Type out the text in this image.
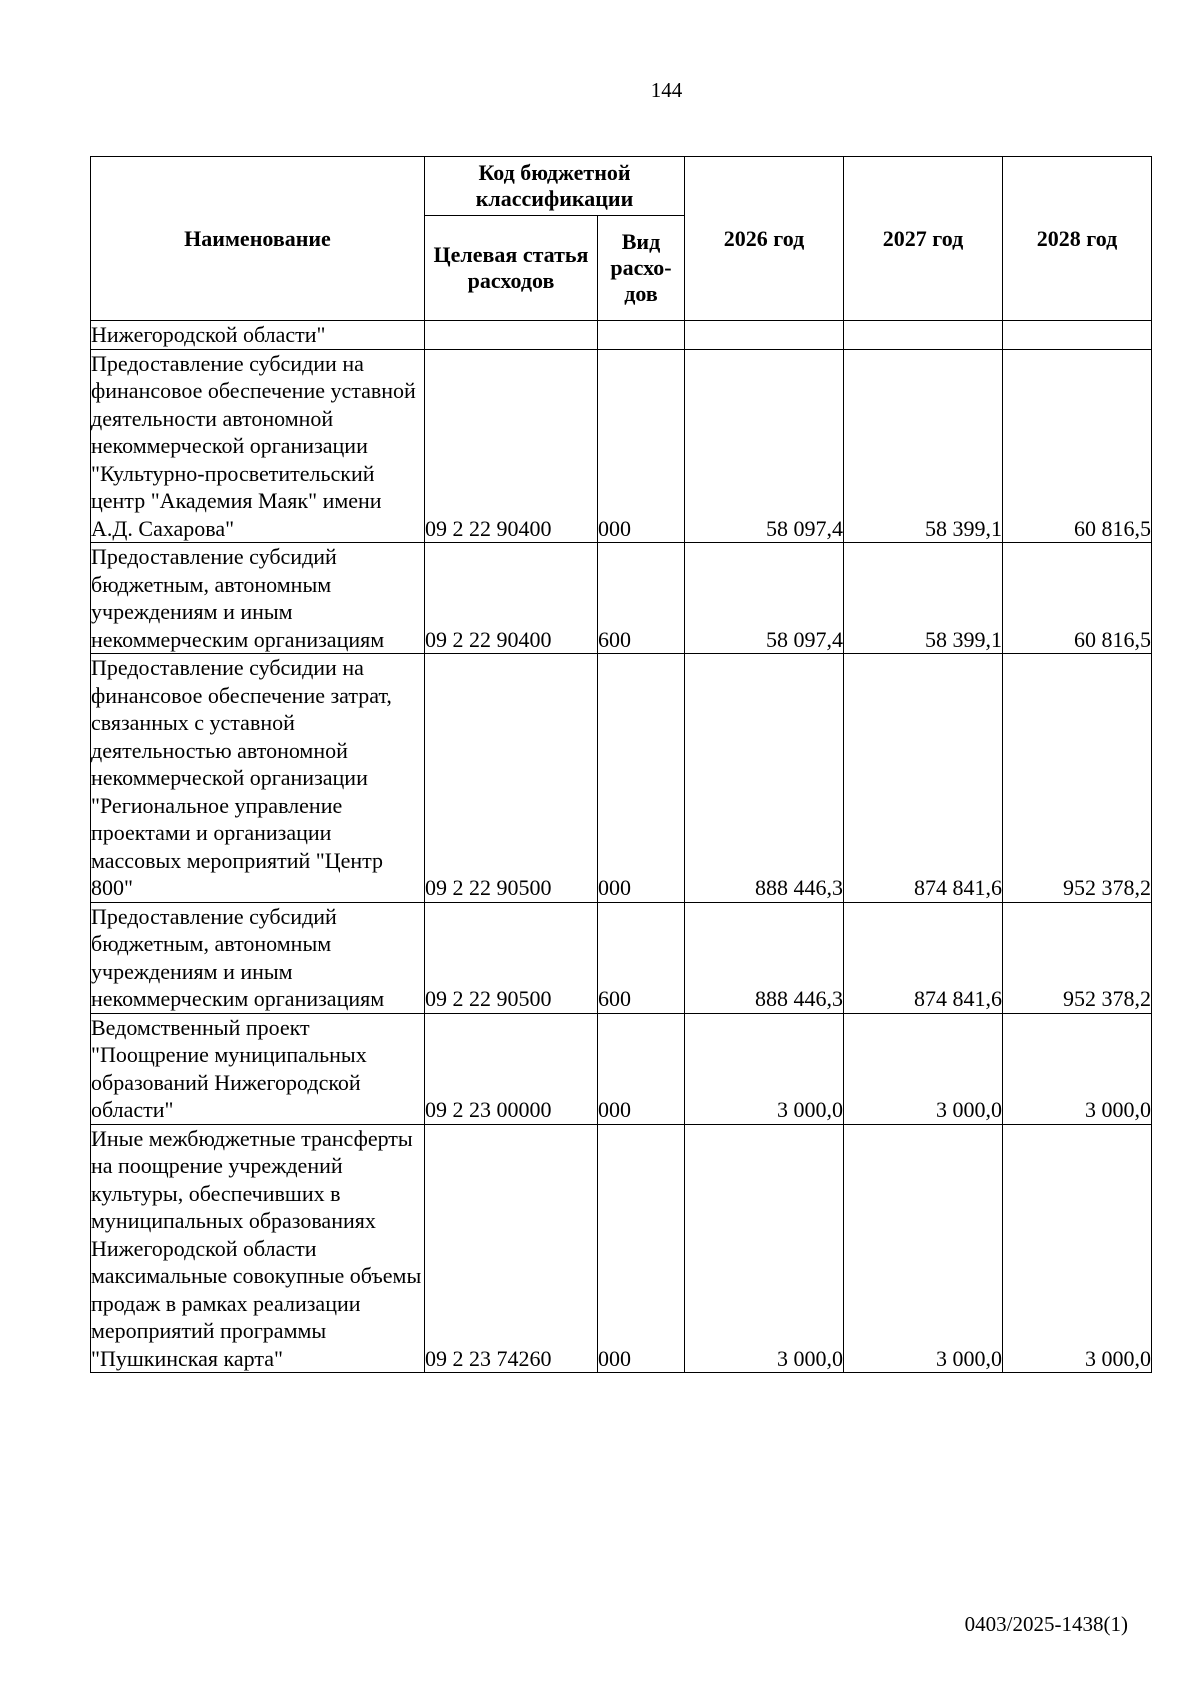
144
Наименование	Код бюджетной классификации		2026 год	2027 год	2028 год
	Целевая статья расходов	Вид расхо-дов			
Нижегородской области"					
Предоставление субсидии на финансовое обеспечение уставной деятельности автономной некоммерческой организации "Культурно-просветительский центр "Академия Маяк" имени А.Д. Сахарова"	09 2 22 90400	000	58 097,4	58 399,1	60 816,5
Предоставление субсидий бюджетным, автономным учреждениям и иным некоммерческим организациям	09 2 22 90400	600	58 097,4	58 399,1	60 816,5
Предоставление субсидии на финансовое обеспечение затрат, связанных с уставной деятельностью автономной некоммерческой организации "Региональное управление проектами и организации массовых мероприятий "Центр 800"	09 2 22 90500	000	888 446,3	874 841,6	952 378,2
Предоставление субсидий бюджетным, автономным учреждениям и иным некоммерческим организациям	09 2 22 90500	600	888 446,3	874 841,6	952 378,2
Ведомственный проект "Поощрение муниципальных образований Нижегородской области"	09 2 23 00000	000	3 000,0	3 000,0	3 000,0
Иные межбюджетные трансферты на поощрение учреждений культуры, обеспечивших в муниципальных образованиях Нижегородской области максимальные совокупные объемы продаж в рамках реализации мероприятий программы "Пушкинская карта"	09 2 23 74260	000	3 000,0	3 000,0	3 000,0
0403/2025-1438(1)
